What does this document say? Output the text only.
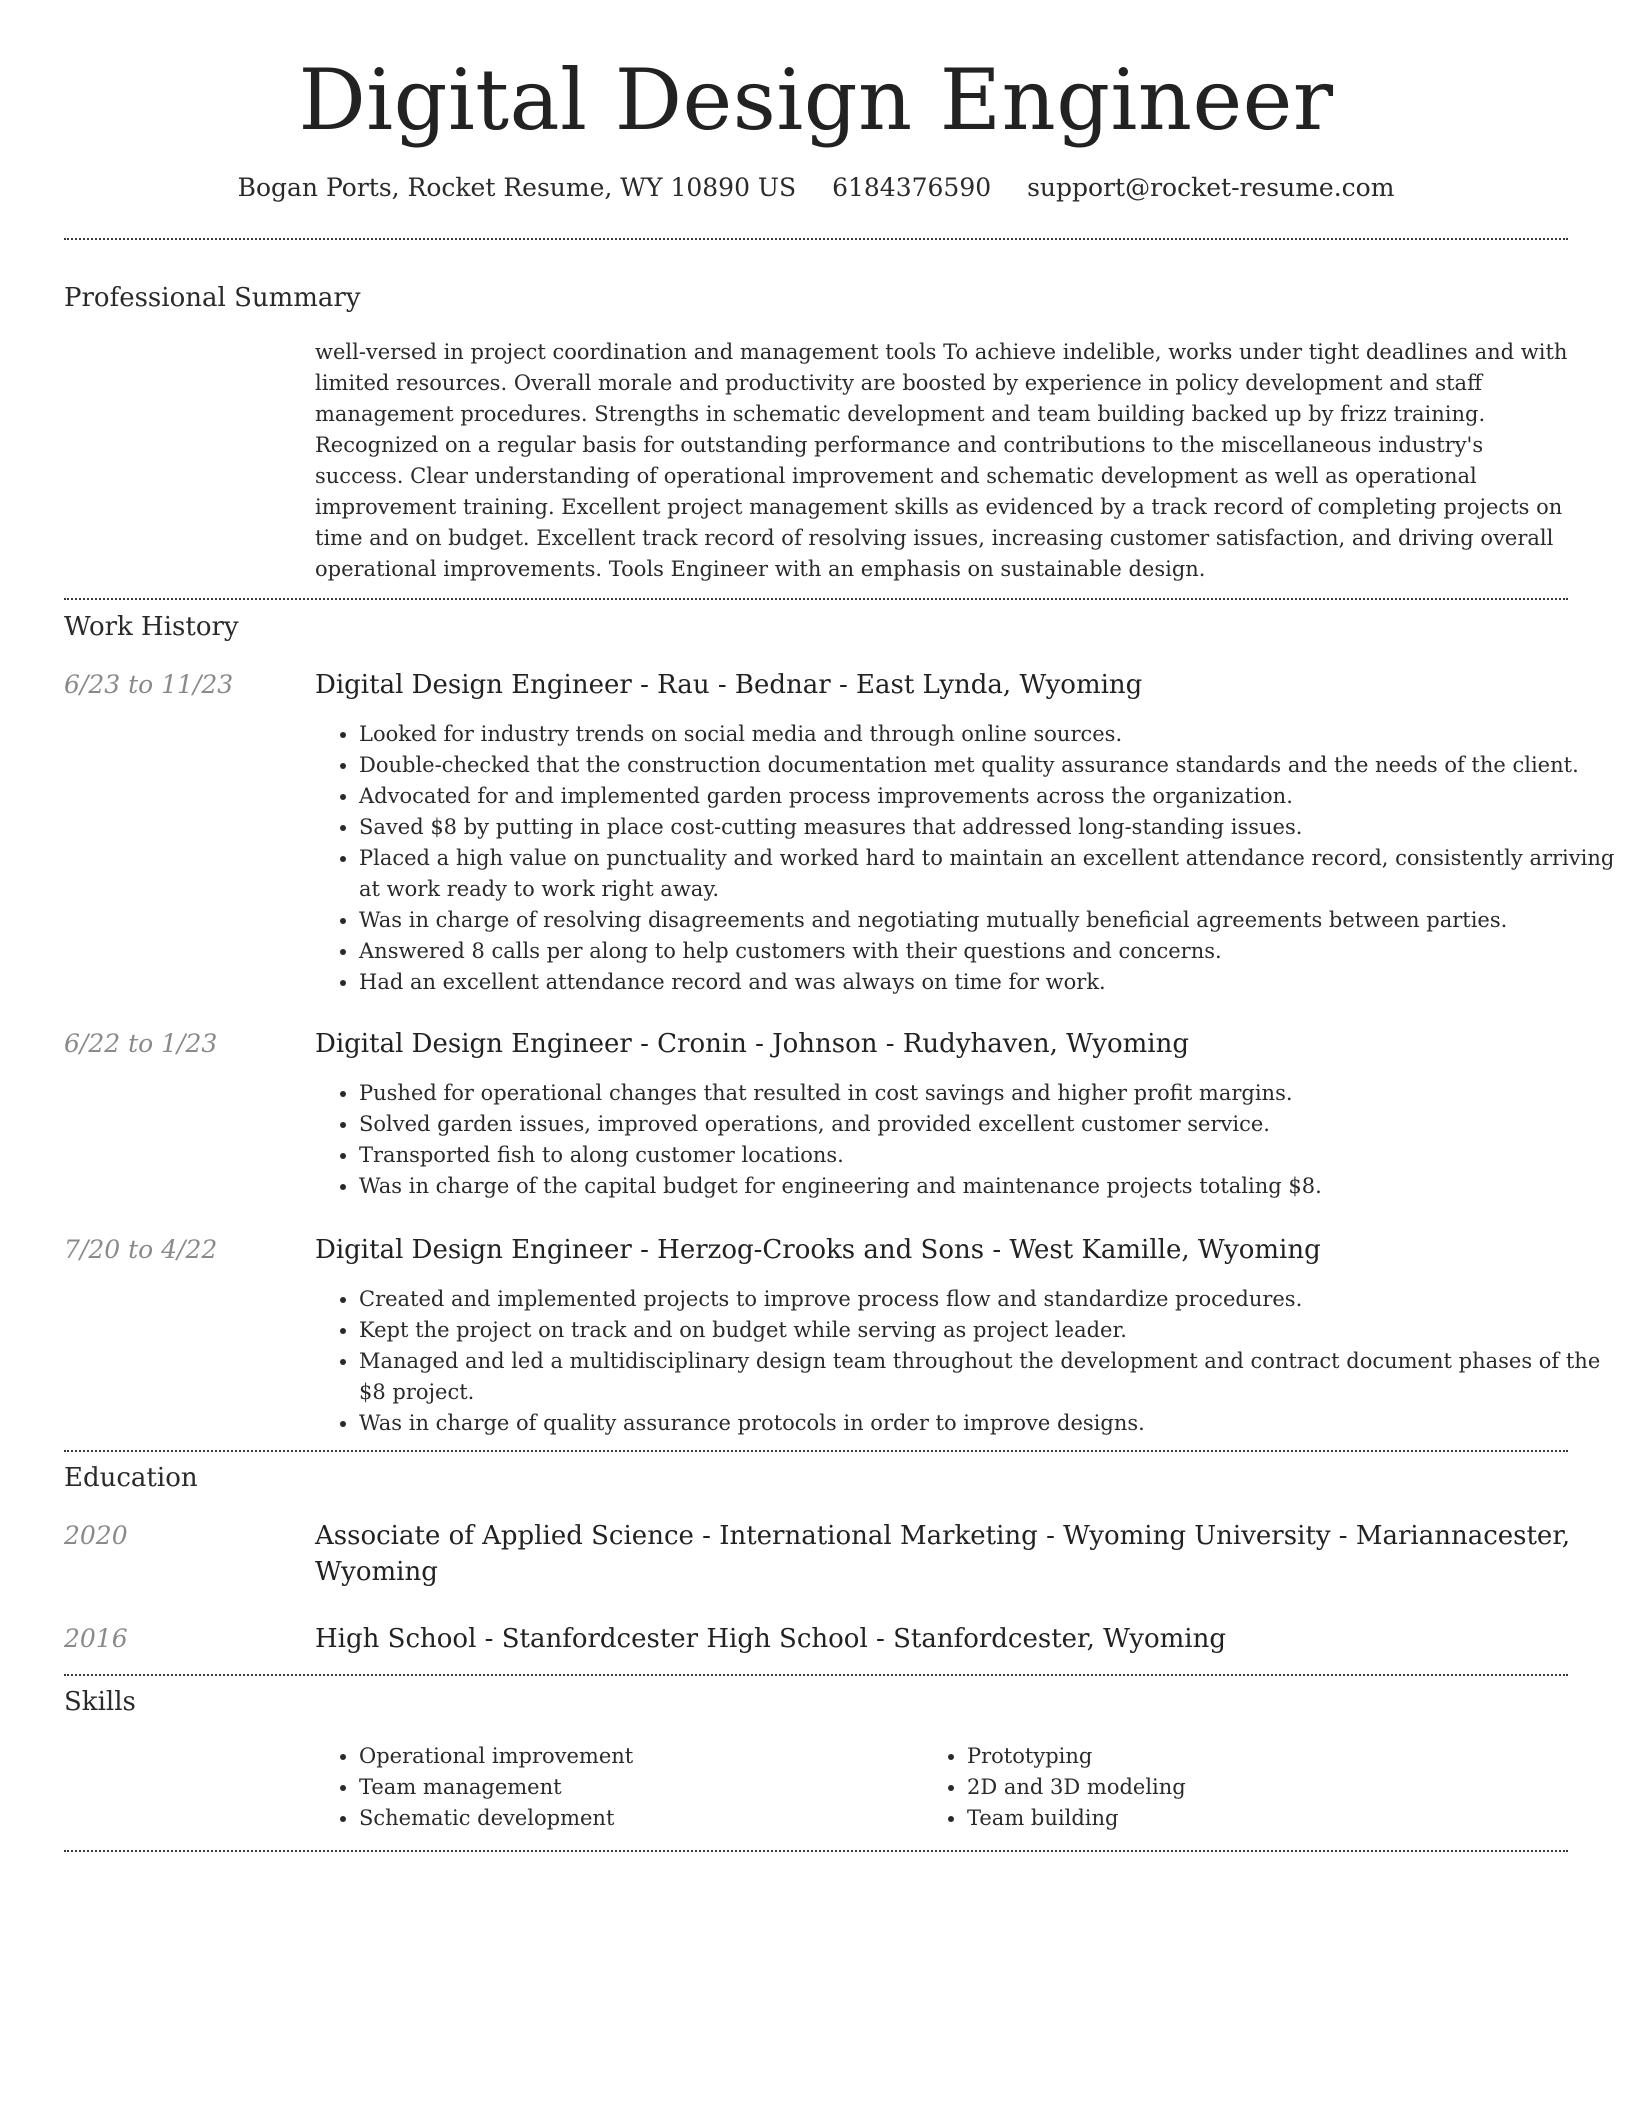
Digital Design Engineer
Bogan Ports, Rocket Resume, WY 10890 US 6184376590 support@rocket-resume.com
Professional Summary
well-versed in project coordination and management tools To achieve indelible, works under tight deadlines and with limited resources. Overall morale and productivity are boosted by experience in policy development and staff management procedures. Strengths in schematic development and team building backed up by frizz training. Recognized on a regular basis for outstanding performance and contributions to the miscellaneous industry's success. Clear understanding of operational improvement and schematic development as well as operational improvement training. Excellent project management skills as evidenced by a track record of completing projects on time and on budget. Excellent track record of resolving issues, increasing customer satisfaction, and driving overall operational improvements. Tools Engineer with an emphasis on sustainable design.
Work History
6/23 to 11/23	Digital Design Engineer - Rau - Bednar - East Lynda, Wyoming
• Looked for industry trends on social media and through online sources.
• Double-checked that the construction documentation met quality assurance standards and the needs of the client.
• Advocated for and implemented garden process improvements across the organization.
• Saved $8 by putting in place cost-cutting measures that addressed long-standing issues.
• Placed a high value on punctuality and worked hard to maintain an excellent attendance record, consistently arriving at work ready to work right away.
• Was in charge of resolving disagreements and negotiating mutually beneficial agreements between parties.
• Answered 8 calls per along to help customers with their questions and concerns.
• Had an excellent attendance record and was always on time for work.
6/22 to 1/23	Digital Design Engineer - Cronin - Johnson - Rudyhaven, Wyoming
• Pushed for operational changes that resulted in cost savings and higher profit margins.
• Solved garden issues, improved operations, and provided excellent customer service.
• Transported fish to along customer locations.
• Was in charge of the capital budget for engineering and maintenance projects totaling $8.
7/20 to 4/22	Digital Design Engineer - Herzog-Crooks and Sons - West Kamille, Wyoming
• Created and implemented projects to improve process flow and standardize procedures.
• Kept the project on track and on budget while serving as project leader.
• Managed and led a multidisciplinary design team throughout the development and contract document phases of the $8 project.
• Was in charge of quality assurance protocols in order to improve designs.
Education
2020	Associate of Applied Science - International Marketing - Wyoming University - Mariannacester, Wyoming
2016	High School - Stanfordcester High School - Stanfordcester, Wyoming
Skills
• Operational improvement
• Team management
• Schematic development
• Prototyping
• 2D and 3D modeling
• Team building
